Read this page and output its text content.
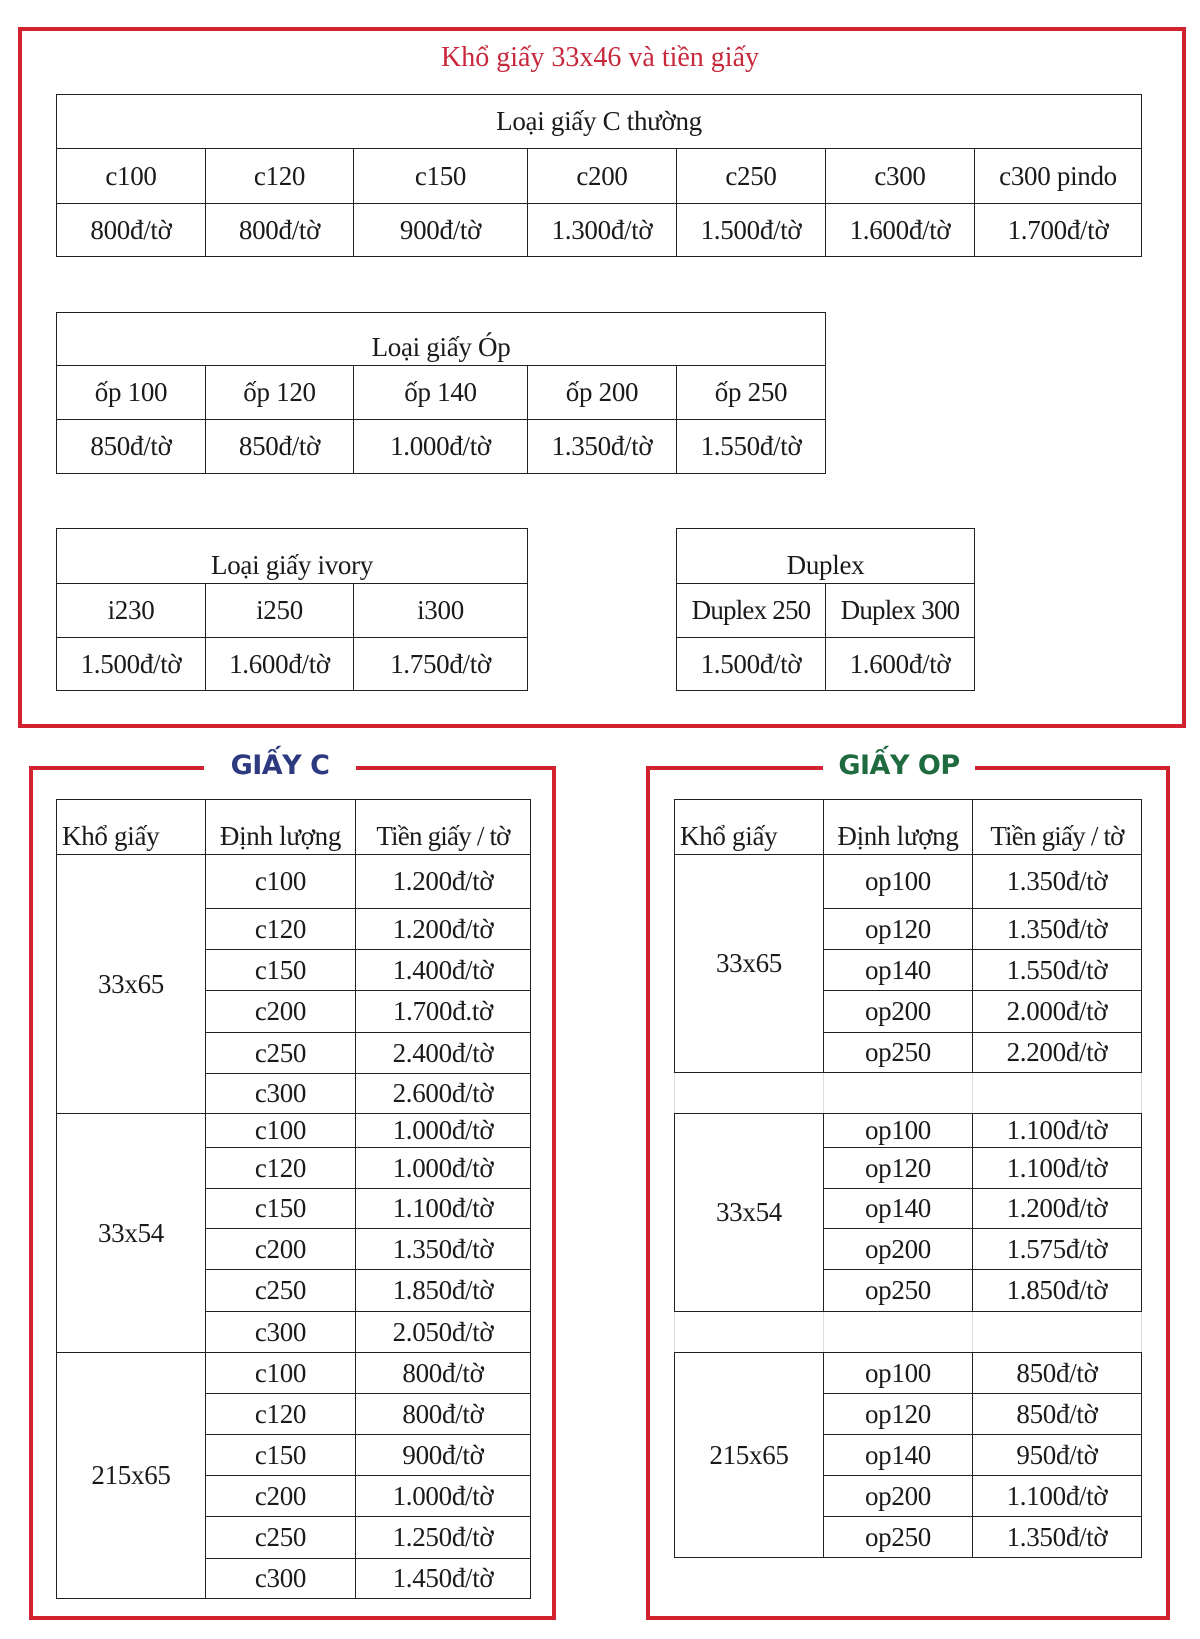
Khổ giấy 33x46 và tiền giấy
Loại giấy C thường						
c100	c120	c150	c200	c250	c300	c300 pindo
800đ/tờ	800đ/tờ	900đ/tờ	1.300đ/tờ	1.500đ/tờ	1.600đ/tờ	1.700đ/tờ
Loại giấy Óp				
ốp 100	ốp 120	ốp 140	ốp 200	ốp 250
850đ/tờ	850đ/tờ	1.000đ/tờ	1.350đ/tờ	1.550đ/tờ
Loại giấy ivory		
i230	i250	i300
1.500đ/tờ	1.600đ/tờ	1.750đ/tờ
Duplex	
Duplex 250	Duplex 300
1.500đ/tờ	1.600đ/tờ
GIẤY C
Khổ giấy	Định lượng	Tiền giấy / tờ
33x65	c100	1.200đ/tờ
	c120	1.200đ/tờ
	c150	1.400đ/tờ
	c200	1.700đ.tờ
	c250	2.400đ/tờ
	c300	2.600đ/tờ
33x54	c100	1.000đ/tờ
	c120	1.000đ/tờ
	c150	1.100đ/tờ
	c200	1.350đ/tờ
	c250	1.850đ/tờ
	c300	2.050đ/tờ
215x65	c100	800đ/tờ
	c120	800đ/tờ
	c150	900đ/tờ
	c200	1.000đ/tờ
	c250	1.250đ/tờ
	c300	1.450đ/tờ
GIẤY OP
Khổ giấy	Định lượng	Tiền giấy / tờ
33x65	op100	1.350đ/tờ
	op120	1.350đ/tờ
	op140	1.550đ/tờ
	op200	2.000đ/tờ
	op250	2.200đ/tờ

33x54	op100	1.100đ/tờ
	op120	1.100đ/tờ
	op140	1.200đ/tờ
	op200	1.575đ/tờ
	op250	1.850đ/tờ

215x65	op100	850đ/tờ
	op120	850đ/tờ
	op140	950đ/tờ
	op200	1.100đ/tờ
	op250	1.350đ/tờ
